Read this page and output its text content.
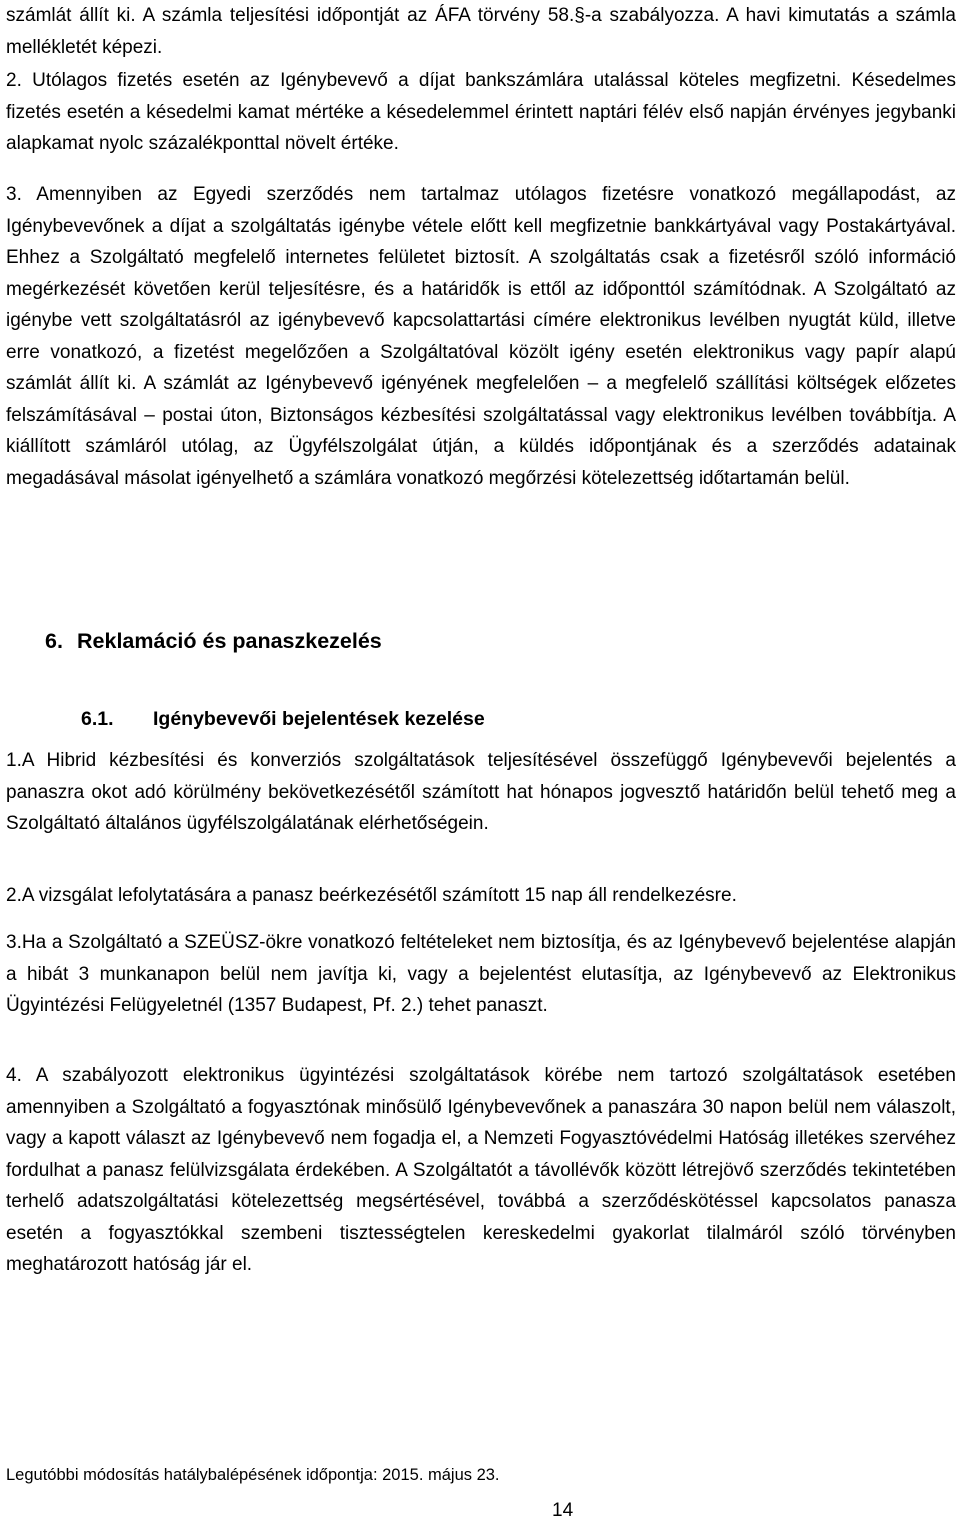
számlát állít ki. A számla teljesítési időpontját az ÁFA törvény 58.§-a szabályozza. A havi kimutatás a számla mellékletét képezi.

2. Utólagos fizetés esetén az Igénybevevő a díjat bankszámlára utalással köteles megfizetni. Késedelmes fizetés esetén a késedelmi kamat mértéke a késedelemmel érintett naptári félév első napján érvényes jegybanki alapkamat nyolc százalékponttal növelt értéke.

3. Amennyiben az Egyedi szerződés nem tartalmaz utólagos fizetésre vonatkozó megállapodást, az Igénybevevőnek a díjat a szolgáltatás igénybe vétele előtt kell megfizetnie bankkártyával vagy Postakártyával. Ehhez a Szolgáltató megfelelő internetes felületet biztosít. A szolgáltatás csak a fizetésről szóló információ megérkezését követően kerül teljesítésre, és a határidők is ettől az időponttól számítódnak. A Szolgáltató az igénybe vett szolgáltatásról az igénybevevő kapcsolattartási címére elektronikus levélben nyugtát küld, illetve erre vonatkozó, a fizetést megelőzően a Szolgáltatóval közölt igény esetén elektronikus vagy papír alapú számlát állít ki. A számlát az Igénybevevő igényének megfelelően – a megfelelő szállítási költségek előzetes felszámításával – postai úton, Biztonságos kézbesítési szolgáltatással vagy elektronikus levélben továbbítja. A kiállított számláról utólag, az Ügyfélszolgálat útján, a küldés időpontjának és a szerződés adatainak megadásával másolat igényelhető a számlára vonatkozó megőrzési kötelezettség időtartamán belül.

6. Reklamáció és panaszkezelés
6.1. Igénybevevői bejelentések kezelése

1.A Hibrid kézbesítési és konverziós szolgáltatások teljesítésével összefüggő Igénybevevői bejelentés a panaszra okot adó körülmény bekövetkezésétől számított hat hónapos jogvesztő határidőn belül tehető meg a Szolgáltató általános ügyfélszolgálatának elérhetőségein.

2.A vizsgálat lefolytatására a panasz beérkezésétől számított 15 nap áll rendelkezésre.

3.Ha a Szolgáltató a SZEÜSZ-ökre vonatkozó feltételeket nem biztosítja, és az Igénybevevő bejelentése alapján a hibát 3 munkanapon belül nem javítja ki, vagy a bejelentést elutasítja, az Igénybevevő az Elektronikus Ügyintézési Felügyeletnél (1357 Budapest, Pf. 2.) tehet panaszt.

4. A szabályozott elektronikus ügyintézési szolgáltatások körébe nem tartozó szolgáltatások esetében amennyiben a Szolgáltató a fogyasztónak minősülő Igénybevevőnek a panaszára 30 napon belül nem válaszolt, vagy a kapott választ az Igénybevevő nem fogadja el, a Nemzeti Fogyasztóvédelmi Hatóság illetékes szervéhez fordulhat a panasz felülvizsgálata érdekében. A Szolgáltatót a távollévők között létrejövő szerződés tekintetében terhelő adatszolgáltatási kötelezettség megsértésével, továbbá a szerződéskötéssel kapcsolatos panasza esetén a fogyasztókkal szembeni tisztességtelen kereskedelmi gyakorlat tilalmáról szóló törvényben meghatározott hatóság jár el.

Legutóbbi módosítás hatálybalépésének időpontja: 2015. május 23.
14
